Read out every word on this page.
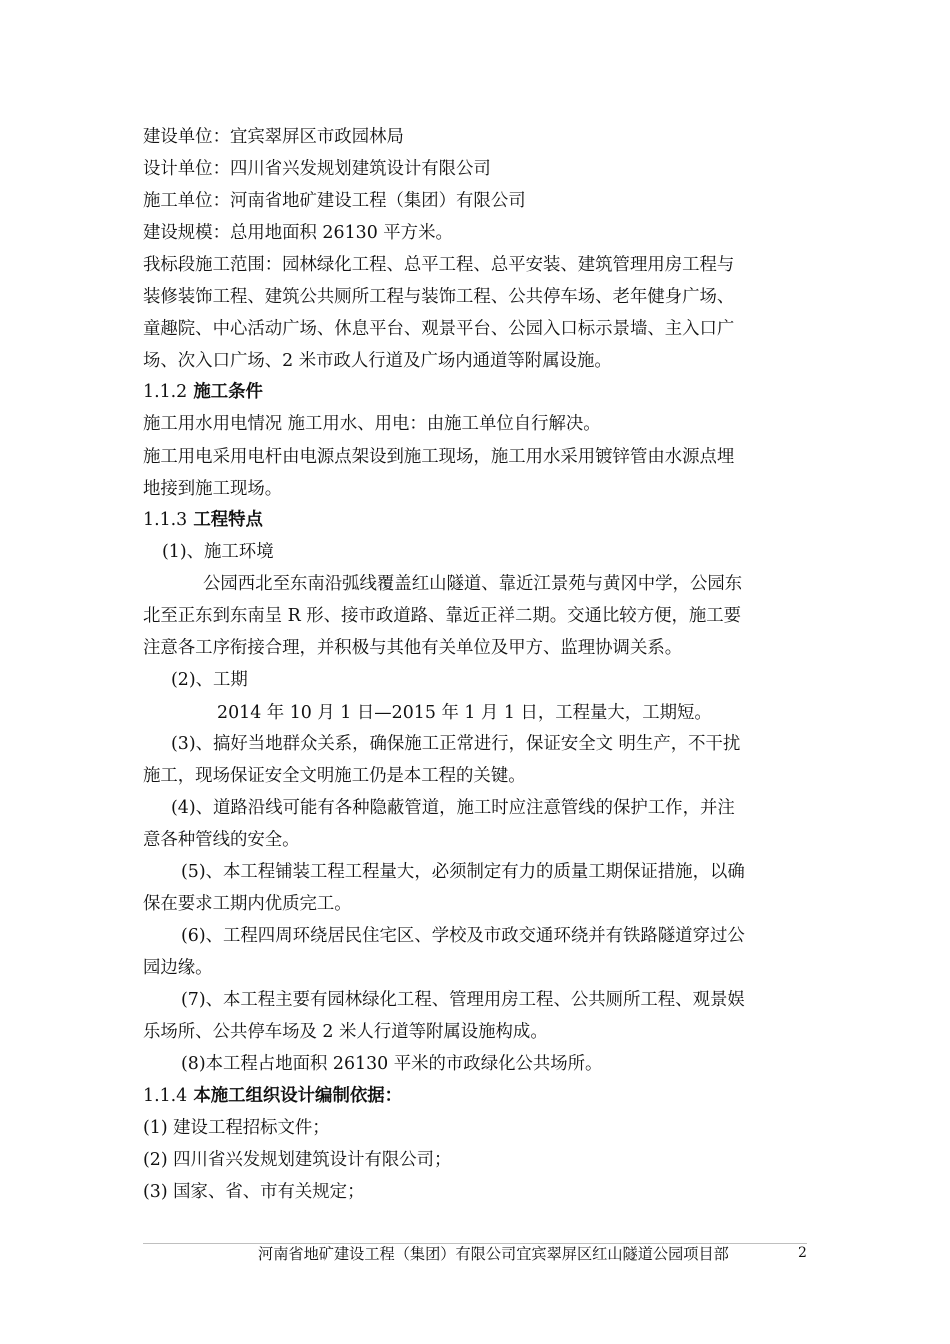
建设单位：宜宾翠屏区市政园林局
设计单位：四川省兴发规划建筑设计有限公司
施工单位：河南省地矿建设工程（集团）有限公司
建设规模：总用地面积 26130 平方米。
我标段施工范围：园林绿化工程、总平工程、总平安装、建筑管理用房工程与
装修装饰工程、建筑公共厕所工程与装饰工程、公共停车场、老年健身广场、
童趣院、中心活动广场、休息平台、观景平台、公园入口标示景墙、主入口广
场、次入口广场、2 米市政人行道及广场内通道等附属设施。
1.1.2 施工条件
施工用水用电情况 施工用水、用电：由施工单位自行解决。
施工用电采用电杆由电源点架设到施工现场，施工用水采用镀锌管由水源点埋
地接到施工现场。
1.1.3 工程特点
(1)、施工环境
公园西北至东南沿弧线覆盖红山隧道、靠近江景苑与黄冈中学，公园东
北至正东到东南呈 R 形、接市政道路、靠近正祥二期。交通比较方便，施工要
注意各工序衔接合理，并积极与其他有关单位及甲方、监理协调关系。
(2)、工期
2014 年 10 月 1 日—2015 年 1 月 1 日，工程量大，工期短。
(3)、搞好当地群众关系，确保施工正常进行，保证安全文 明生产，不干扰
施工，现场保证安全文明施工仍是本工程的关键。
(4)、道路沿线可能有各种隐蔽管道，施工时应注意管线的保护工作，并注
意各种管线的安全。
(5)、本工程铺装工程工程量大，必须制定有力的质量工期保证措施，以确
保在要求工期内优质完工。
(6)、工程四周环绕居民住宅区、学校及市政交通环绕并有铁路隧道穿过公
园边缘。
(7)、本工程主要有园林绿化工程、管理用房工程、公共厕所工程、观景娱
乐场所、公共停车场及 2 米人行道等附属设施构成。
(8)本工程占地面积 26130 平米的市政绿化公共场所。
1.1.4 本施工组织设计编制依据：
(1) 建设工程招标文件；
(2) 四川省兴发规划建筑设计有限公司；
(3) 国家、省、市有关规定；
河南省地矿建设工程（集团）有限公司宜宾翠屏区红山隧道公园项目部	2
